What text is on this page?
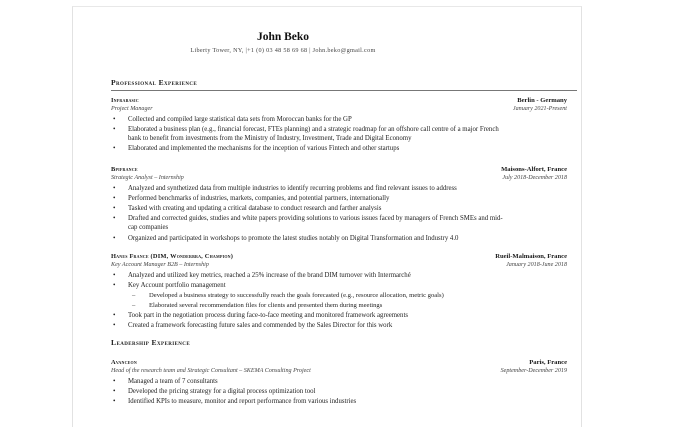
John Beko
Liberty Tower, NY, |+1 (0) 03 48 58 69 68 | John.beko@gmail.com
Professional Experience
Infrabasic	Berlin - Germany
Project Manager	January 2021-Present
• Collected and compiled large statistical data sets from Moroccan banks for the GP
• Elaborated a business plan (e.g., financial forecast, FTEs planning) and a strategic roadmap for an offshore call centre of a major French
bank to benefit from investments from the Ministry of Industry, Investment, Trade and Digital Economy
• Elaborated and implemented the mechanisms for the inception of various Fintech and other startups
Bpifrance	Maisons-Alfort, France
Strategic Analyst – Internship	July 2018-December 2018
• Analyzed and synthetized data from multiple industries to identify recurring problems and find relevant issues to address
• Performed benchmarks of industries, markets, companies, and potential partners, internationally
• Tasked with creating and updating a critical database to conduct research and farther analysis
• Drafted and corrected guides, studies and white papers providing solutions to various issues faced by managers of French SMEs and mid-
cap companies
• Organized and participated in workshops to promote the latest studies notably on Digital Transformation and Industry 4.0
Hanes France (DIM, Wonderbra, Champion)	Rueil-Malmaison, France
Key Account Manager B2B – Internship	January 2018-June 2018
• Analyzed and utilized key metrics, reached a 25% increase of the brand DIM turnover with Intermarché
• Key Account portfolio management
– Developed a business strategy to successfully reach the goals forecasted (e.g., resource allocation, metric goals)
– Elaborated several recommendation files for clients and presented them during meetings
• Took part in the negotiation process during face-to-face meeting and monitored framework agreements
• Created a framework forecasting future sales and commended by the Sales Director for this work
Leadership Experience
Avanceon	Paris, France
Head of the research team and Strategic Consultant – SKEMA Consulting Project	September-December 2019
• Managed a team of 7 consultants
• Developed the pricing strategy for a digital process optimization tool
• Identified KPIs to measure, monitor and report performance from various industries
